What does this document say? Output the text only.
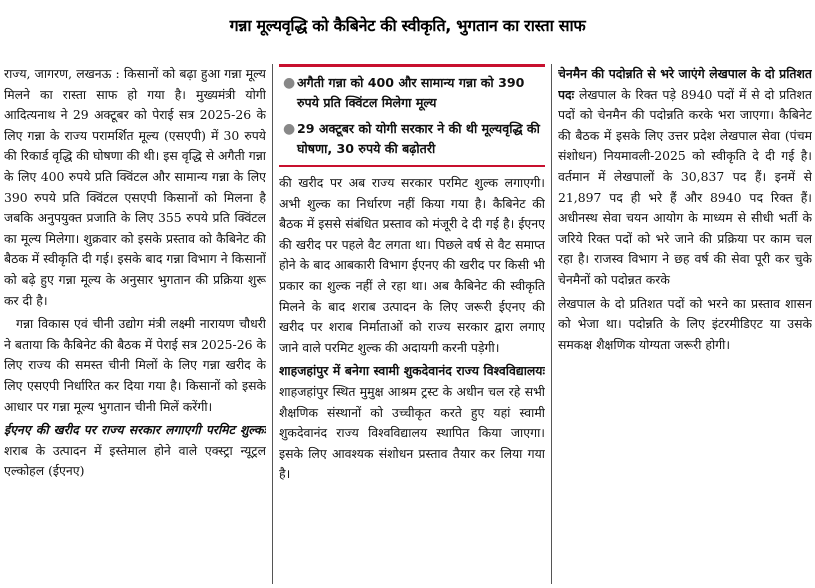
गन्ना मूल्यवृद्धि को कैबिनेट की स्वीकृति, भुगतान का रास्ता साफ

राज्य, जागरण, लखनऊ : किसानों को बढ़ा हुआ गन्ना मूल्य मिलने का रास्ता साफ हो गया है। मुख्यमंत्री योगी आदित्यनाथ ने 29 अक्टूबर को पेराई सत्र 2025-26 के लिए गन्ना के राज्य परामर्शित मूल्य (एसएपी) में 30 रुपये की रिकार्ड वृद्धि की घोषणा की थी। इस वृद्धि से अगैती गन्ना के लिए 400 रुपये प्रति क्विंटल और सामान्य गन्ना के लिए 390 रुपये प्रति क्विंटल एसएपी किसानों को मिलना है जबकि अनुपयुक्त प्रजाति के लिए 355 रुपये प्रति क्विंटल का मूल्य मिलेगा। शुक्रवार को इसके प्रस्ताव को कैबिनेट की बैठक में स्वीकृति दी गई। इसके बाद गन्ना विभाग ने किसानों को बढ़े हुए गन्ना मूल्य के अनुसार भुगतान की प्रक्रिया शुरू कर दी है।

गन्ना विकास एवं चीनी उद्योग मंत्री लक्ष्मी नारायण चौधरी ने बताया कि कैबिनेट की बैठक में पेराई सत्र 2025-26 के लिए राज्य की समस्त चीनी मिलों के लिए गन्ना खरीद के लिए एसएपी निर्धारित कर दिया गया है। किसानों को इसके आधार पर गन्ना मूल्य भुगतान चीनी मिलें करेंगी।

ईएनए की खरीद पर राज्य सरकार लगाएगी परमिट शुल्कः शराब के उत्पादन में इस्तेमाल होने वाले एक्स्ट्रा न्यूट्रल एल्कोहल (ईएनए)

● अगैती गन्ना को 400 और सामान्य गन्ना को 390 रुपये प्रति क्विंटल मिलेगा मूल्य
● 29 अक्टूबर को योगी सरकार ने की थी मूल्यवृद्धि की घोषणा, 30 रुपये की बढ़ोतरी

की खरीद पर अब राज्य सरकार परमिट शुल्क लगाएगी। अभी शुल्क का निर्धारण नहीं किया गया है। कैबिनेट की बैठक में इससे संबंधित प्रस्ताव को मंजूरी दे दी गई है। ईएनए की खरीद पर पहले वैट लगता था। पिछले वर्ष से वैट समाप्त होने के बाद आबकारी विभाग ईएनए की खरीद पर किसी भी प्रकार का शुल्क नहीं ले रहा था। अब कैबिनेट की स्वीकृति मिलने के बाद शराब उत्पादन के लिए जरूरी ईएनए की खरीद पर शराब निर्माताओं को राज्य सरकार द्वारा लगाए जाने वाले परमिट शुल्क की अदायगी करनी पड़ेगी।

शाहजहांपुर में बनेगा स्वामी शुकदेवानंद राज्य विश्वविद्यालयः शाहजहांपुर स्थित मुमुक्ष आश्रम ट्रस्ट के अधीन चल रहे सभी शैक्षणिक संस्थानों को उच्चीकृत करते हुए यहां स्वामी शुकदेवानंद राज्य विश्वविद्यालय स्थापित किया जाएगा। इसके लिए आवश्यक संशोधन प्रस्ताव तैयार कर लिया गया है।

चेनमैन की पदोन्नति से भरे जाएंगे लेखपाल के दो प्रतिशत पदः लेखपाल के रिक्त पड़े 8940 पदों में से दो प्रतिशत पदों को चेनमैन की पदोन्नति करके भरा जाएगा। कैबिनेट की बैठक में इसके लिए उत्तर प्रदेश लेखपाल सेवा (पंचम संशोधन) नियमावली-2025 को स्वीकृति दे दी गई है। वर्तमान में लेखपालों के 30,837 पद हैं। इनमें से 21,897 पद ही भरे हैं और 8940 पद रिक्त हैं। अधीनस्थ सेवा चयन आयोग के माध्यम से सीधी भर्ती के जरिये रिक्त पदों को भरे जाने की प्रक्रिया पर काम चल रहा है। राजस्व विभाग ने छह वर्ष की सेवा पूरी कर चुके चेनमैनों को पदोन्नत करके

लेखपाल के दो प्रतिशत पदों को भरने का प्रस्ताव शासन को भेजा था। पदोन्नति के लिए इंटरमीडिएट या उसके समकक्ष शैक्षणिक योग्यता जरूरी होगी।
